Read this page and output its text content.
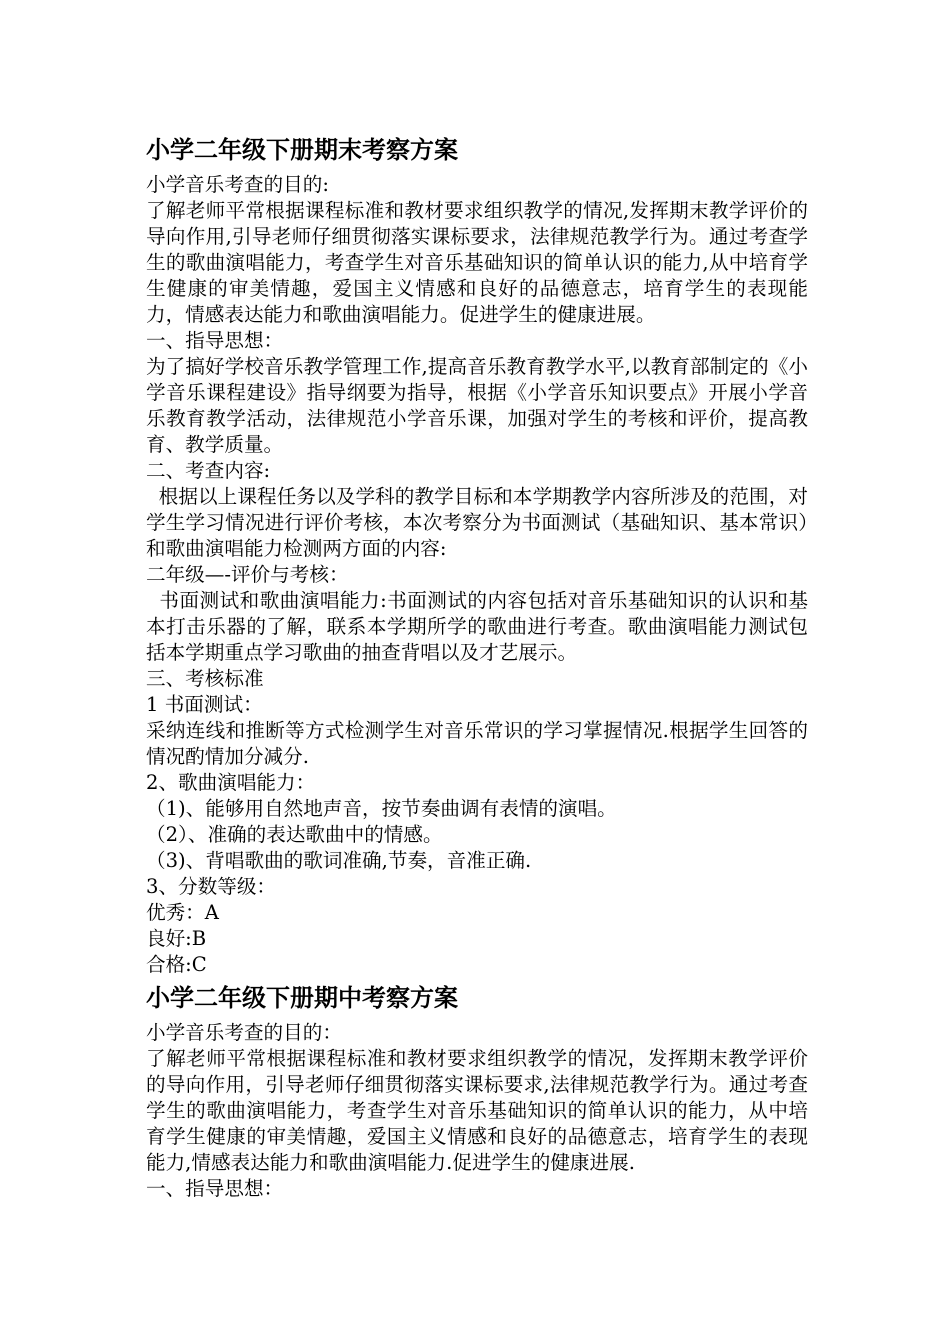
小学二年级下册期末考察方案

小学音乐考查的目的:

了解老师平常根据课程标准和教材要求组织教学的情况,发挥期末教学评价的导向作用,引导老师仔细贯彻落实课标要求，法律规范教学行为。通过考查学生的歌曲演唱能力，考查学生对音乐基础知识的简单认识的能力,从中培育学生健康的审美情趣，爱国主义情感和良好的品德意志，培育学生的表现能力，情感表达能力和歌曲演唱能力。促进学生的健康进展。

一、指导思想：

为了搞好学校音乐教学管理工作,提高音乐教育教学水平,以教育部制定的《小学音乐课程建设》指导纲要为指导，根据《小学音乐知识要点》开展小学音乐教育教学活动，法律规范小学音乐课，加强对学生的考核和评价，提高教育、教学质量。

二、考查内容:

根据以上课程任务以及学科的教学目标和本学期教学内容所涉及的范围，对学生学习情况进行评价考核，本次考察分为书面测试（基础知识、基本常识）和歌曲演唱能力检测两方面的内容:

二年级—-评价与考核：

书面测试和歌曲演唱能力:书面测试的内容包括对音乐基础知识的认识和基本打击乐器的了解，联系本学期所学的歌曲进行考查。歌曲演唱能力测试包括本学期重点学习歌曲的抽查背唱以及才艺展示。

三、考核标准

1 书面测试：

采纳连线和推断等方式检测学生对音乐常识的学习掌握情况.根据学生回答的情况酌情加分减分.

2、歌曲演唱能力：

（1)、能够用自然地声音，按节奏曲调有表情的演唱。

（2）、准确的表达歌曲中的情感。

（3)、背唱歌曲的歌词准确,节奏，音准正确.

3、分数等级：

优秀：A

良好:B

合格:C

小学二年级下册期中考察方案

小学音乐考查的目的：

了解老师平常根据课程标准和教材要求组织教学的情况，发挥期末教学评价的导向作用，引导老师仔细贯彻落实课标要求,法律规范教学行为。通过考查学生的歌曲演唱能力，考查学生对音乐基础知识的简单认识的能力，从中培育学生健康的审美情趣，爱国主义情感和良好的品德意志，培育学生的表现能力,情感表达能力和歌曲演唱能力.促进学生的健康进展.

一、指导思想：
